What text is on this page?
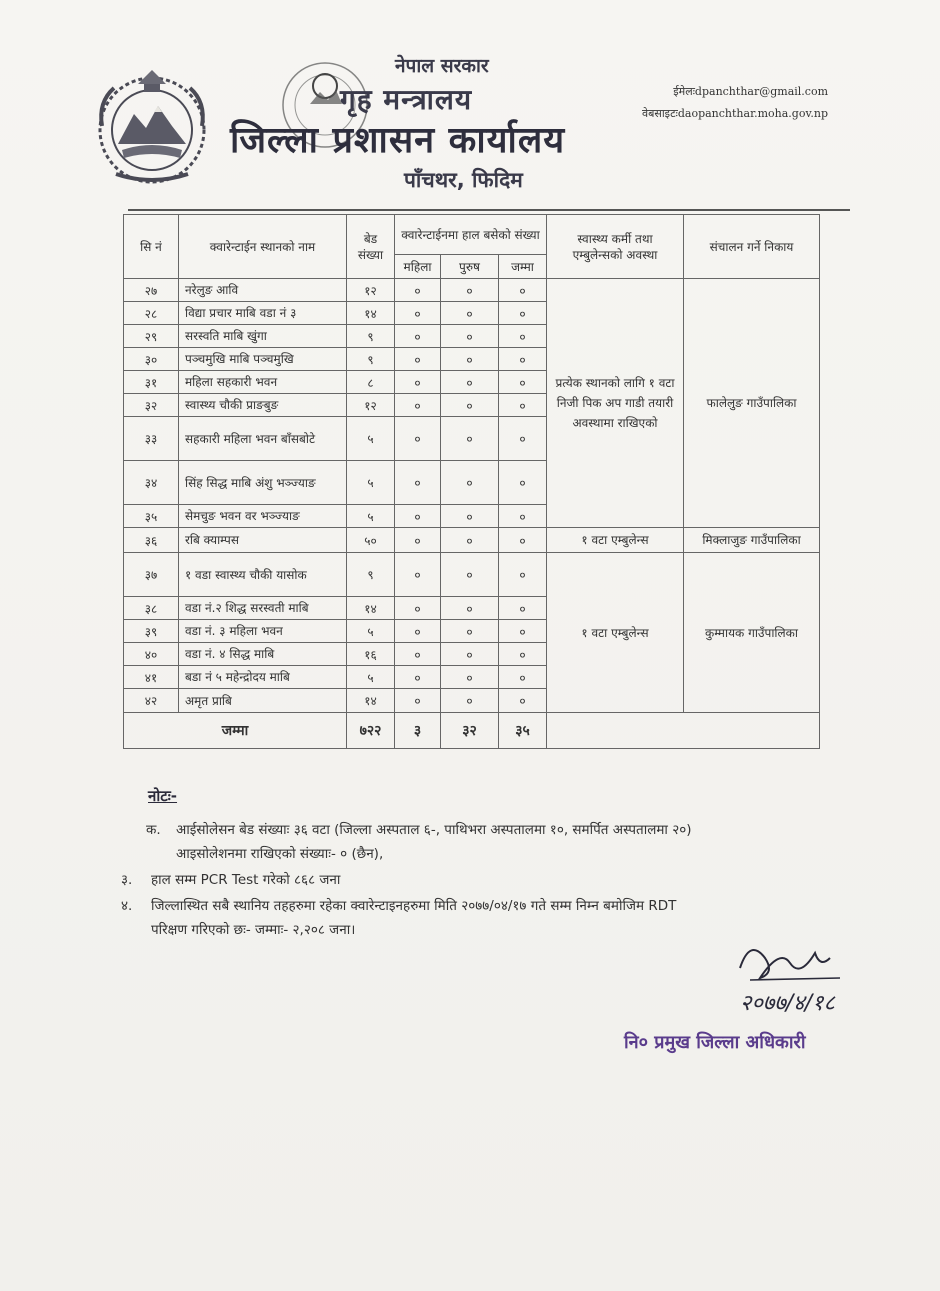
नेपाल सरकार
गृह मन्त्रालय
जिल्ला प्रशासन कार्यालय
पाँचथर, फिदिम
ईमेलःdpanchthar@gmail.com
वेबसाइटःdaopanchthar.moha.gov.np
सि नं	क्वारेन्टाईन स्थानको नाम	बेड संख्या	क्वारेन्टाईनमा हाल बसेको संख्या			स्वास्थ्य कर्मी तथा एम्बुलेन्सको अवस्था	संचालन गर्ने निकाय
			महिला	पुरुष	जम्मा		
२७	नरेलुङ आवि	१२	०	०	०	प्रत्येक स्थानको लागि १ वटा निजी पिक अप गाडी तयारी अवस्थामा राखिएको	फालेलुङ गाउँपालिका
२८	विद्या प्रचार माबि वडा नं ३	१४	०	०	०		
२९	सरस्वति माबि खुंगा	९	०	०	०		
३०	पञ्चमुखि माबि पञ्चमुखि	९	०	०	०		
३१	महिला सहकारी भवन	८	०	०	०		
३२	स्वास्थ्य चौकी प्राङबुङ	१२	०	०	०		
३३	सहकारी महिला भवन बाँसबोटे	५	०	०	०		
३४	सिंह सिद्ध माबि अंशु भञ्ज्याङ	५	०	०	०		
३५	सेमचुङ भवन वर भञ्ज्याङ	५	०	०	०		
३६	रबि क्याम्पस	५०	०	०	०	१ वटा एम्बुलेन्स	मिक्लाजुङ गाउँपालिका
३७	१ वडा स्वास्थ्य चौकी यासोक	९	०	०	०	१ वटा एम्बुलेन्स	कुम्मायक गाउँपालिका
३८	वडा नं.२ शिद्ध सरस्वती माबि	१४	०	०	०		
३९	वडा नं. ३ महिला भवन	५	०	०	०		
४०	वडा नं. ४ सिद्ध माबि	१६	०	०	०		
४१	बडा नं ५ महेन्द्रोदय माबि	५	०	०	०		
४२	अमृत प्राबि	१४	०	०	०		
जम्मा		७२२	३	३२	३५		
नोटः-
क. आईसोलेसन बेड संख्याः ३६ वटा (जिल्ला अस्पताल ६-, पाथिभरा अस्पतालमा १०, समर्पित अस्पतालमा २०)
आइसोलेशनमा राखिएको संख्याः- ० (छैन),
३. हाल सम्म PCR Test गरेको ८६८ जना
४. जिल्लास्थित सबै स्थानिय तहहरुमा रहेका क्वारेन्टाइनहरुमा मिति २०७७/०४/१७ गते सम्म निम्न बमोजिम RDT
परिक्षण गरिएको छः- जम्माः- २,२०८ जना।
२०७७/४/१८
नि० प्रमुख जिल्ला अधिकारी
